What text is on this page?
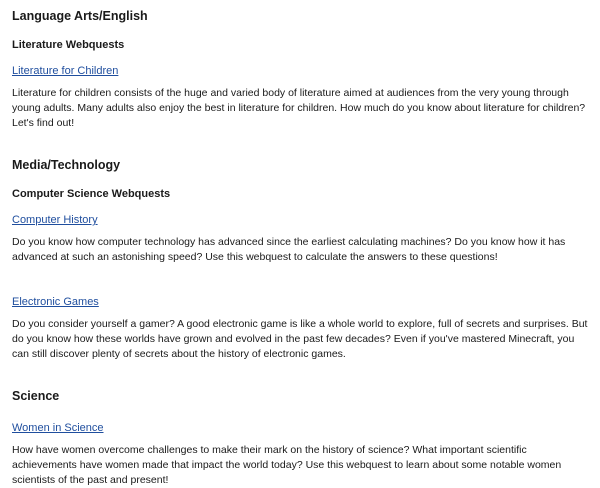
Language Arts/English
Literature Webquests
Literature for Children

Literature for children consists of the huge and varied body of literature aimed at audiences from the very young through young adults. Many adults also enjoy the best in literature for children. How much do you know about literature for children? Let's find out!

Media/Technology
Computer Science Webquests
Computer History

Do you know how computer technology has advanced since the earliest calculating machines? Do you know how it has advanced at such an astonishing speed? Use this webquest to calculate the answers to these questions!

Electronic Games

Do you consider yourself a gamer? A good electronic game is like a whole world to explore, full of secrets and surprises. But do you know how these worlds have grown and evolved in the past few decades? Even if you've mastered Minecraft, you can still discover plenty of secrets about the history of electronic games.

Science
Women in Science

How have women overcome challenges to make their mark on the history of science? What important scientific achievements have women made that impact the world today? Use this webquest to learn about some notable women scientists of the past and present!
